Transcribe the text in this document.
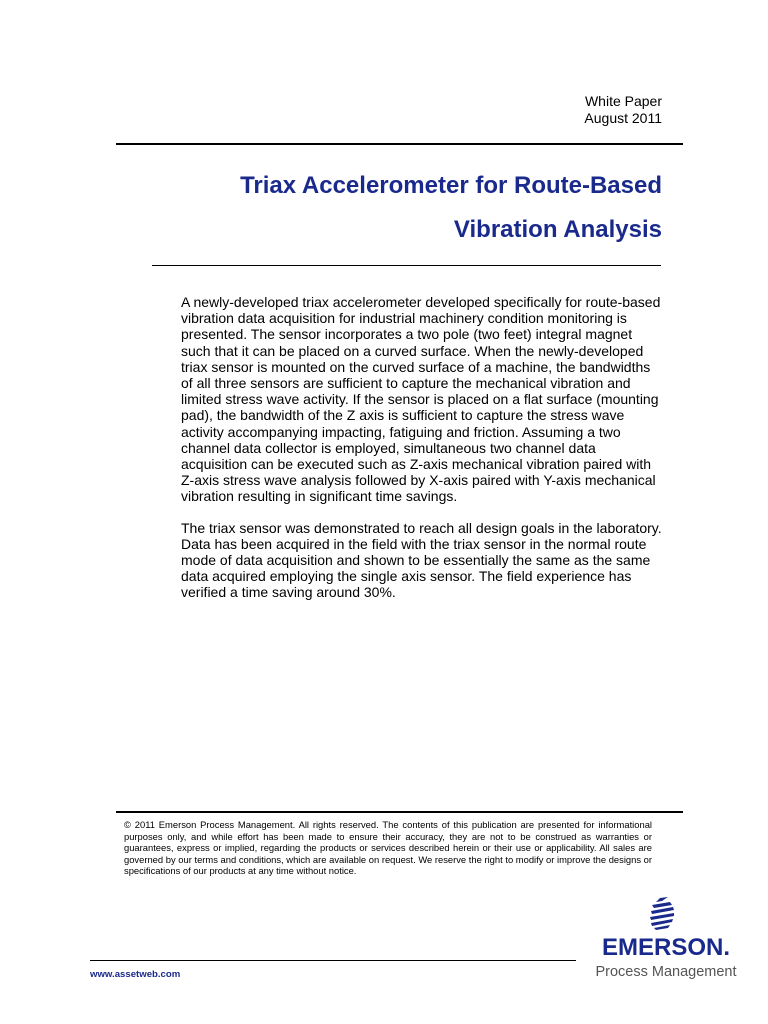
White Paper
August 2011
Triax Accelerometer for Route-Based
Vibration Analysis

A newly-developed triax accelerometer developed specifically for route-based vibration data acquisition for industrial machinery condition monitoring is presented. The sensor incorporates a two pole (two feet) integral magnet such that it can be placed on a curved surface. When the newly-developed triax sensor is mounted on the curved surface of a machine, the bandwidths of all three sensors are sufficient to capture the mechanical vibration and limited stress wave activity. If the sensor is placed on a flat surface (mounting pad), the bandwidth of the Z axis is sufficient to capture the stress wave activity accompanying impacting, fatiguing and friction. Assuming a two channel data collector is employed, simultaneous two channel data acquisition can be executed such as Z-axis mechanical vibration paired with Z-axis stress wave analysis followed by X-axis paired with Y-axis mechanical vibration resulting in significant time savings.

The triax sensor was demonstrated to reach all design goals in the laboratory. Data has been acquired in the field with the triax sensor in the normal route mode of data acquisition and shown to be essentially the same as the same data acquired employing the single axis sensor. The field experience has verified a time saving around 30%.

© 2011 Emerson Process Management. All rights reserved. The contents of this publication are presented for informational purposes only, and while effort has been made to ensure their accuracy, they are not to be construed as warranties or guarantees, express or implied, regarding the products or services described herein or their use or applicability. All sales are governed by our terms and conditions, which are available on request. We reserve the right to modify or improve the designs or specifications of our products at any time without notice.
www.assetweb.com
EMERSON.
Process Management
